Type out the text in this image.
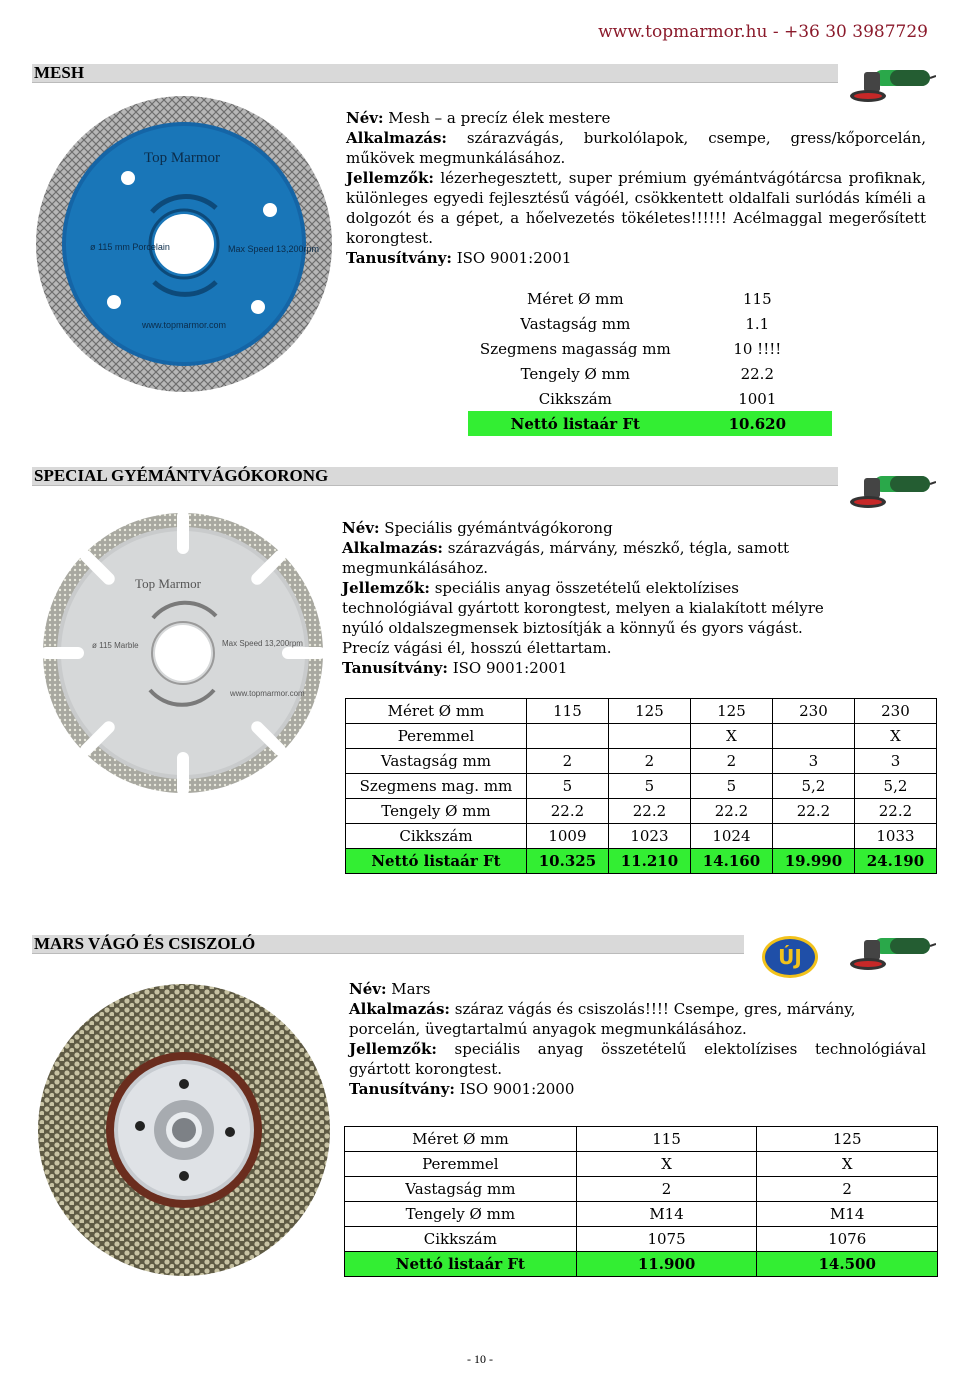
www.topmarmor.hu - +36 30 3987729
MESH
Top Marmor
ø 115 mm Porcelain	Max Speed 13,200rpm
www.topmarmor.com
Név: Mesh – a precíz élek mestere
Alkalmazás: szárazvágás, burkolólapok, csempe, gress/kőporcelán, műkövek megmunkálásához.
Jellemzők: lézerhegesztett, super prémium gyémántvágótárcsa profiknak, különleges egyedi fejlesztésű vágóél, csökkentett oldalfali surlódás kíméli a dolgozót és a gépet, a hőelvezetés tökéletes!!!!!! Acélmaggal megerősített korongtest.
Tanusítvány: ISO 9001:2001
Méret Ø mm	115
Vastagság mm	1.1
Szegmens magasság mm	10 !!!!
Tengely Ø mm	22.2
Cikkszám	1001
Nettó listaár Ft	10.620
SPECIAL GYÉMÁNTVÁGÓKORONG
Top Marmor
ø 115 Marble	Max Speed 13,200rpm
www.topmarmor.com
Név: Speciális gyémántvágókorong
Alkalmazás: szárazvágás, márvány, mészkő, tégla, samott megmunkálásához.
Jellemzők: speciális anyag összetételű elektolízises technológiával gyártott korongtest, melyen a kialakított mélyre nyúló oldalszegmensek biztosítják a könnyű és gyors vágást. Precíz vágási él, hosszú élettartam.
Tanusítvány: ISO 9001:2001
Méret Ø mm	115	125	125	230	230
Peremmel			X		X
Vastagság mm	2	2	2	3	3
Szegmens mag. mm	5	5	5	5,2	5,2
Tengely Ø mm	22.2	22.2	22.2	22.2	22.2
Cikkszám	1009	1023	1024		1033
Nettó listaár Ft	10.325	11.210	14.160	19.990	24.190
MARS VÁGÓ ÉS CSISZOLÓ
ÚJ
Név: Mars
Alkalmazás: száraz vágás és csiszolás!!!! Csempe, gres, márvány, porcelán, üvegtartalmú anyagok megmunkálásához.
Jellemzők: speciális anyag összetételű elektolízises technológiával gyártott korongtest.
Tanusítvány: ISO 9001:2000
Méret Ø mm	115	125
Peremmel	X	X
Vastagság mm	2	2
Tengely Ø mm	M14	M14
Cikkszám	1075	1076
Nettó listaár Ft	11.900	14.500
- 10 -
